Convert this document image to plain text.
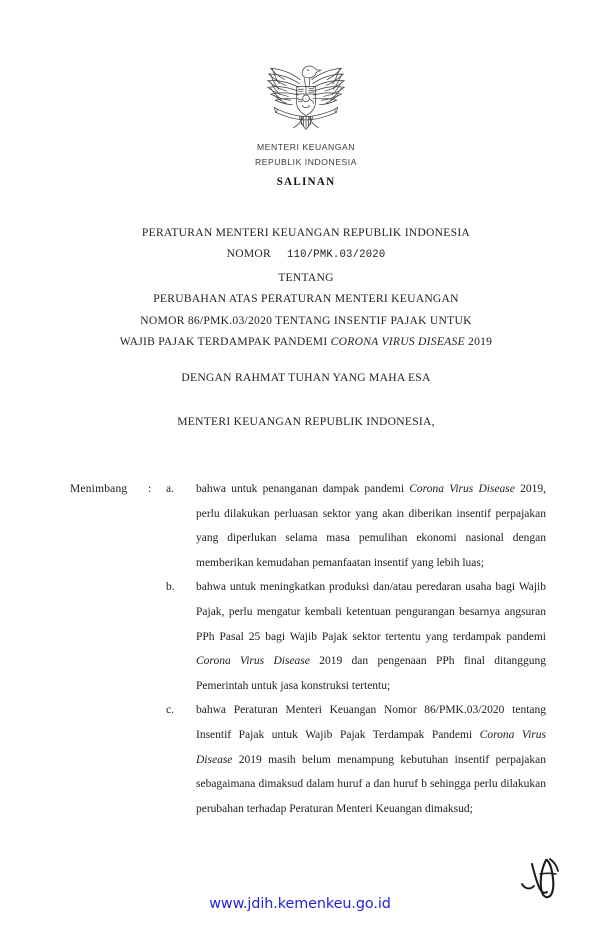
MENTERI KEUANGAN
REPUBLIK INDONESIA
SALINAN
PERATURAN MENTERI KEUANGAN REPUBLIK INDONESIA
NOMOR 110/PMK.03/2020
TENTANG
PERUBAHAN ATAS PERATURAN MENTERI KEUANGAN
NOMOR 86/PMK.03/2020 TENTANG INSENTIF PAJAK UNTUK
WAJIB PAJAK TERDAMPAK PANDEMI CORONA VIRUS DISEASE 2019
DENGAN RAHMAT TUHAN YANG MAHA ESA
MENTERI KEUANGAN REPUBLIK INDONESIA,
Menimbang	:	a.	bahwa untuk penanganan dampak pandemi Corona Virus Disease 2019, perlu dilakukan perluasan sektor yang akan diberikan insentif perpajakan yang diperlukan selama masa pemulihan ekonomi nasional dengan memberikan kemudahan pemanfaatan insentif yang lebih luas;
b.	bahwa untuk meningkatkan produksi dan/atau peredaran usaha bagi Wajib Pajak, perlu mengatur kembali ketentuan pengurangan besarnya angsuran PPh Pasal 25 bagi Wajib Pajak sektor tertentu yang terdampak pandemi Corona Virus Disease 2019 dan pengenaan PPh final ditanggung Pemerintah untuk jasa konstruksi tertentu;
c.	bahwa Peraturan Menteri Keuangan Nomor 86/PMK.03/2020 tentang Insentif Pajak untuk Wajib Pajak Terdampak Pandemi Corona Virus Disease 2019 masih belum menampung kebutuhan insentif perpajakan sebagaimana dimaksud dalam huruf a dan huruf b sehingga perlu dilakukan perubahan terhadap Peraturan Menteri Keuangan dimaksud;
www.jdih.kemenkeu.go.id
